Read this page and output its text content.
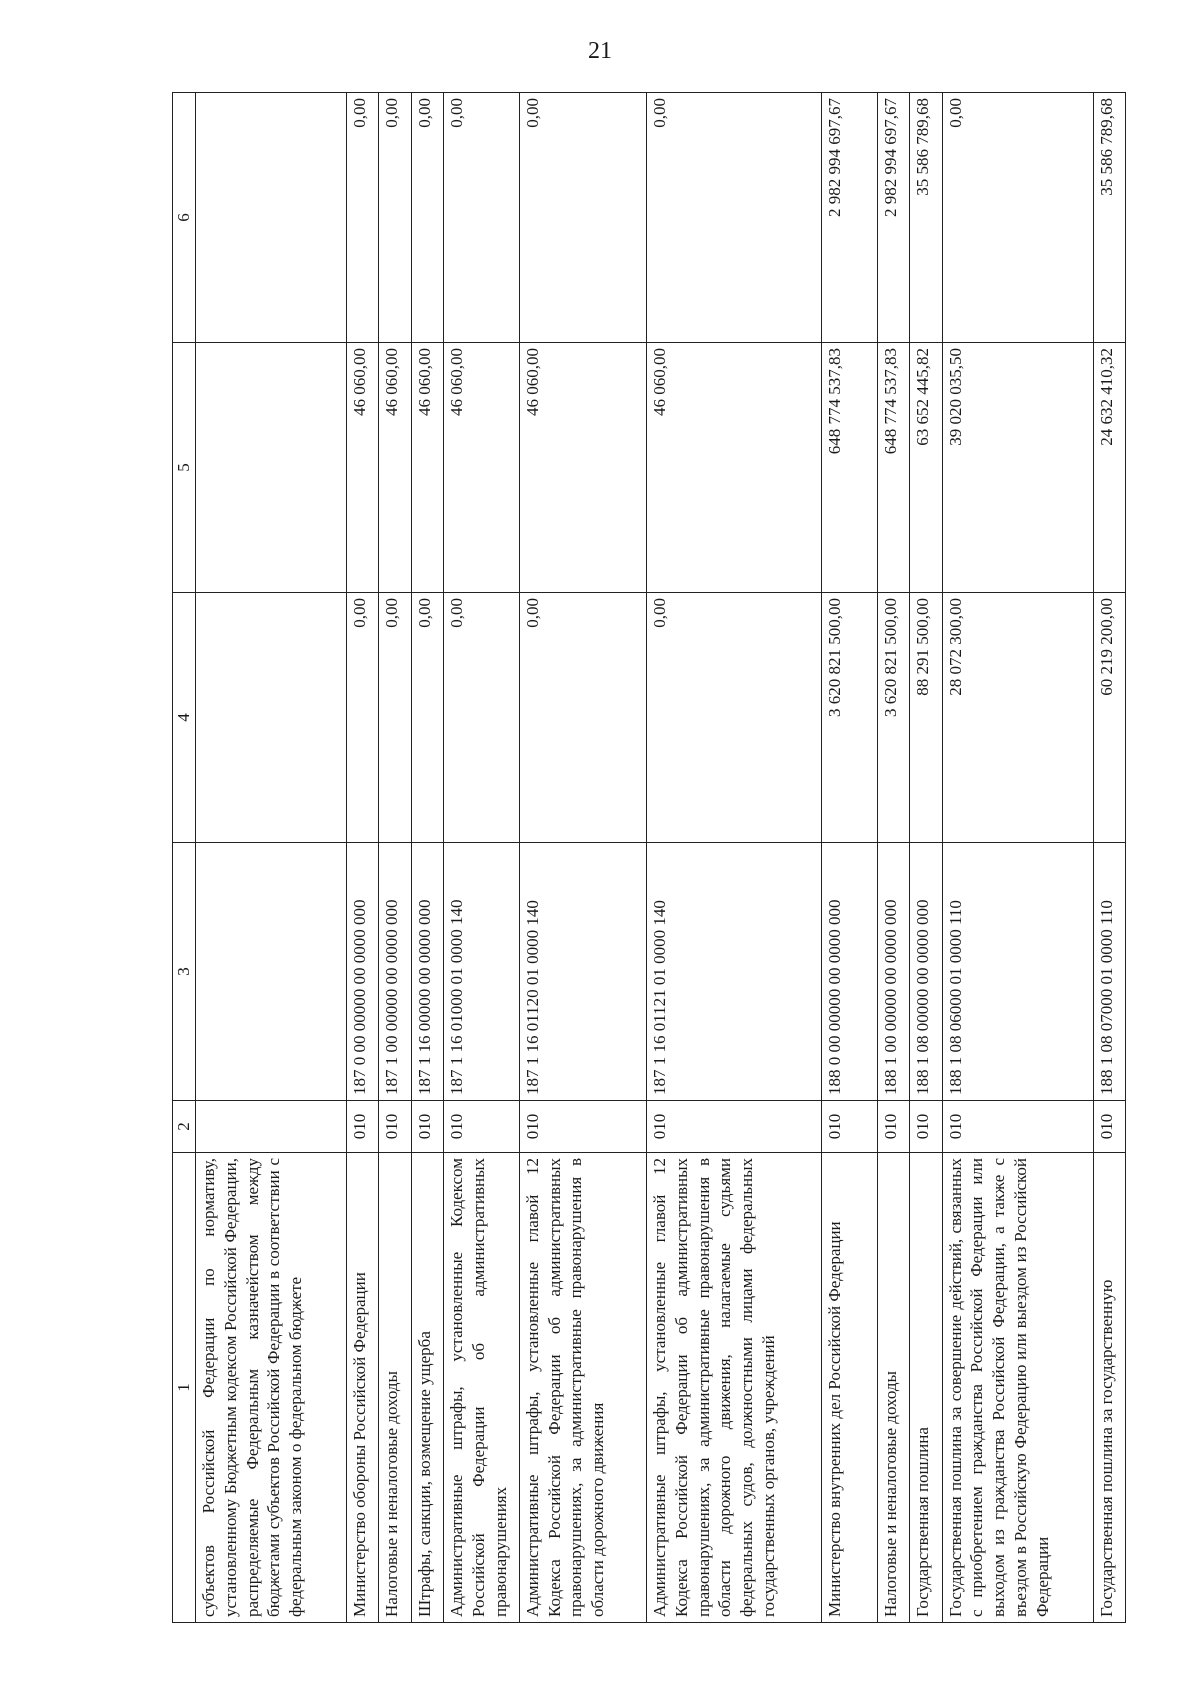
21
1	2	3	4	5	6
субъектов Российской Федерации по нормативу, установленному Бюджетным кодексом Российской Федерации, распределяемые Федеральным казначейством между бюджетами субъектов Российской Федерации в соответствии с федеральным законом о федеральном бюджете					
Министерство обороны Российской Федерации	010	187 0 00 00000 00 0000 000	0,00	46 060,00	0,00
Налоговые и неналоговые доходы	010	187 1 00 00000 00 0000 000	0,00	46 060,00	0,00
Штрафы, санкции, возмещение ущерба	010	187 1 16 00000 00 0000 000	0,00	46 060,00	0,00
Административные штрафы, установленные Кодексом Российской Федерации об административных правонарушениях	010	187 1 16 01000 01 0000 140	0,00	46 060,00	0,00
Административные штрафы, установленные главой 12 Кодекса Российской Федерации об административных правонарушениях, за административные правонарушения в области дорожного движения	010	187 1 16 01120 01 0000 140	0,00	46 060,00	0,00
Административные штрафы, установленные главой 12 Кодекса Российской Федерации об административных правонарушениях, за административные правонарушения в области дорожного движения, налагаемые судьями федеральных судов, должностными лицами федеральных государственных органов, учреждений	010	187 1 16 01121 01 0000 140	0,00	46 060,00	0,00
Министерство внутренних дел Российской Федерации	010	188 0 00 00000 00 0000 000	3 620 821 500,00	648 774 537,83	2 982 994 697,67
Налоговые и неналоговые доходы	010	188 1 00 00000 00 0000 000	3 620 821 500,00	648 774 537,83	2 982 994 697,67
Государственная пошлина	010	188 1 08 00000 00 0000 000	88 291 500,00	63 652 445,82	35 586 789,68
Государственная пошлина за совершение действий, связанных с приобретением гражданства Российской Федерации или выходом из гражданства Российской Федерации, а также с въездом в Российскую Федерацию или выездом из Российской Федерации	010	188 1 08 06000 01 0000 110	28 072 300,00	39 020 035,50	0,00
Государственная пошлина за государственную	010	188 1 08 07000 01 0000 110	60 219 200,00	24 632 410,32	35 586 789,68
